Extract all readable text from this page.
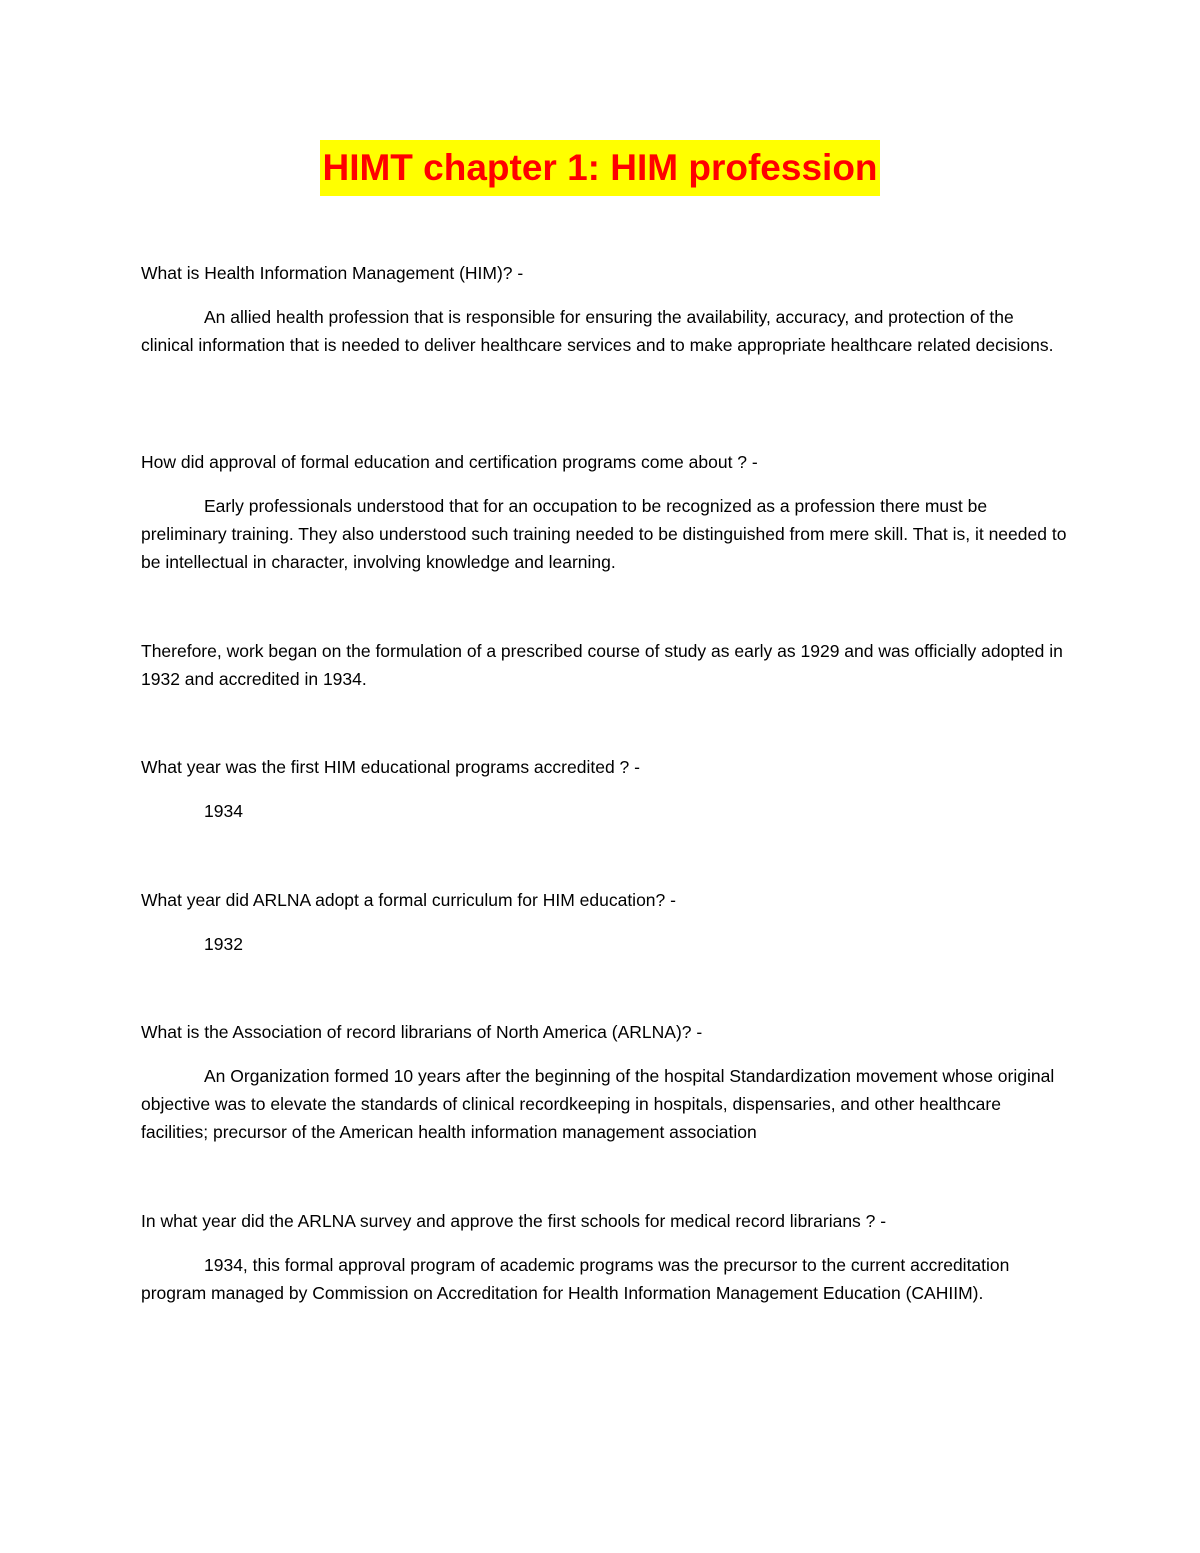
HIMT chapter 1: HIM profession
What is Health Information Management (HIM)? -
An allied health profession that is responsible for ensuring the availability, accuracy, and protection of the clinical information that is needed to deliver healthcare services and to make appropriate healthcare related decisions.
How did approval of formal education and certification programs come about ? -
Early professionals understood that for an occupation to be recognized as a profession there must be preliminary training. They also understood such training needed to be distinguished from mere skill. That is, it needed to be intellectual in character, involving knowledge and learning.
Therefore, work began on the formulation of a prescribed course of study as early as 1929 and was officially adopted in 1932 and accredited in 1934.
What year was the first HIM educational programs accredited ? -
1934
What year did ARLNA adopt a formal curriculum for HIM education? -
1932
What is the Association of record librarians of North America (ARLNA)? -
An Organization formed 10 years after the beginning of the hospital Standardization movement whose original objective was to elevate the standards of clinical recordkeeping in hospitals, dispensaries, and other healthcare facilities; precursor of the American health information management association
In what year did the ARLNA survey and approve the first schools for medical record librarians ? -
1934, this formal approval program of academic programs was the precursor to the current accreditation program managed by Commission on Accreditation for Health Information Management Education (CAHIIM).
